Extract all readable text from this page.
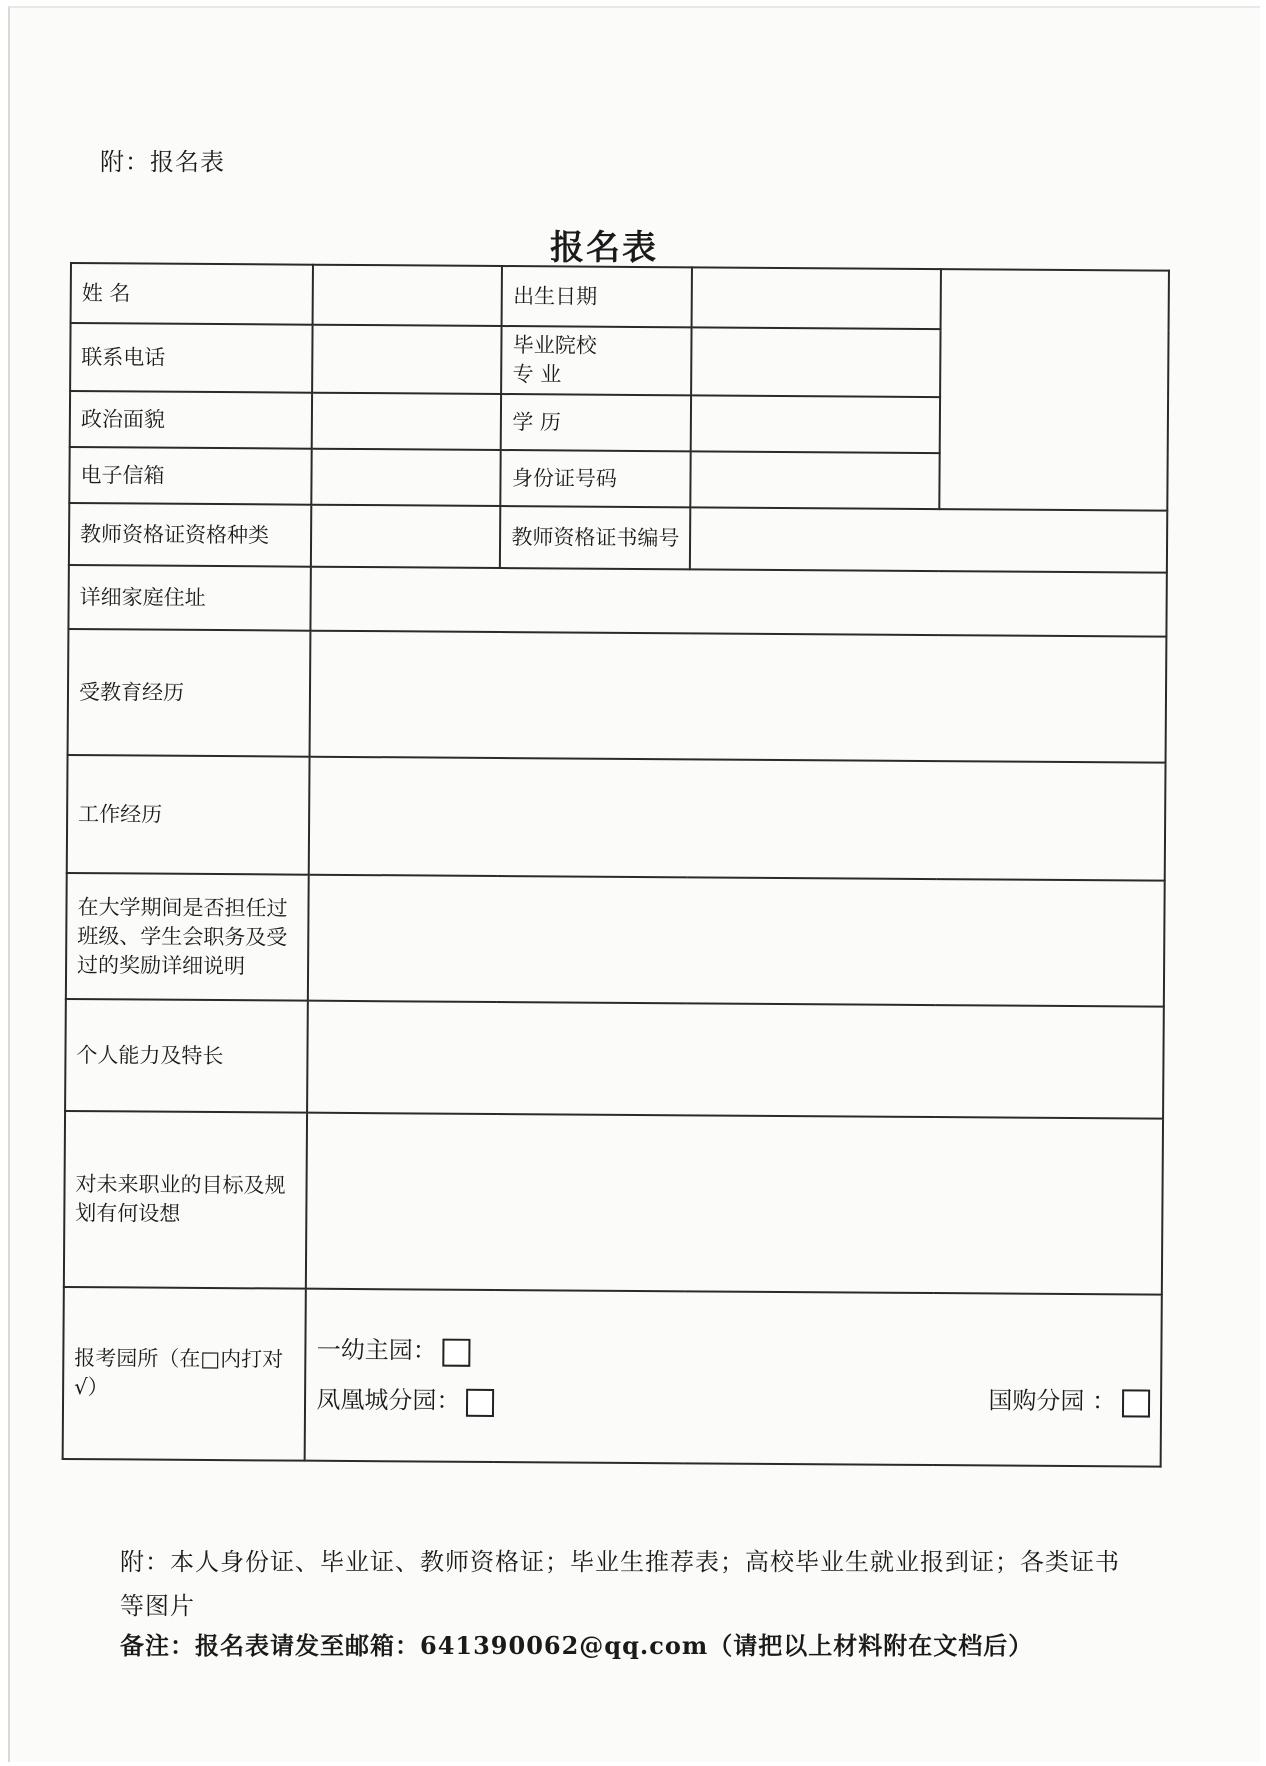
附：报名表
报名表
姓 名		出生日期		
联系电话		毕业院校
专 业		

政治面貌		学 历		
电子信箱		身份证号码		
教师资格证资格种类		教师资格证书编号		
详细家庭住址				
受教育经历				
工作经历				
在大学期间是否担任过班级、学生会职务及受过的奖励详细说明				
个人能力及特长				
对未来职业的目标及规划有何设想				
报考园所（在□内打对√）	一幼主园：
凤凰城分园： 国购分园 ：			
附：本人身份证、毕业证、教师资格证；毕业生推荐表；高校毕业生就业报到证；各类证书
等图片
备注：报名表请发至邮箱：641390062@qq.com（请把以上材料附在文档后）
